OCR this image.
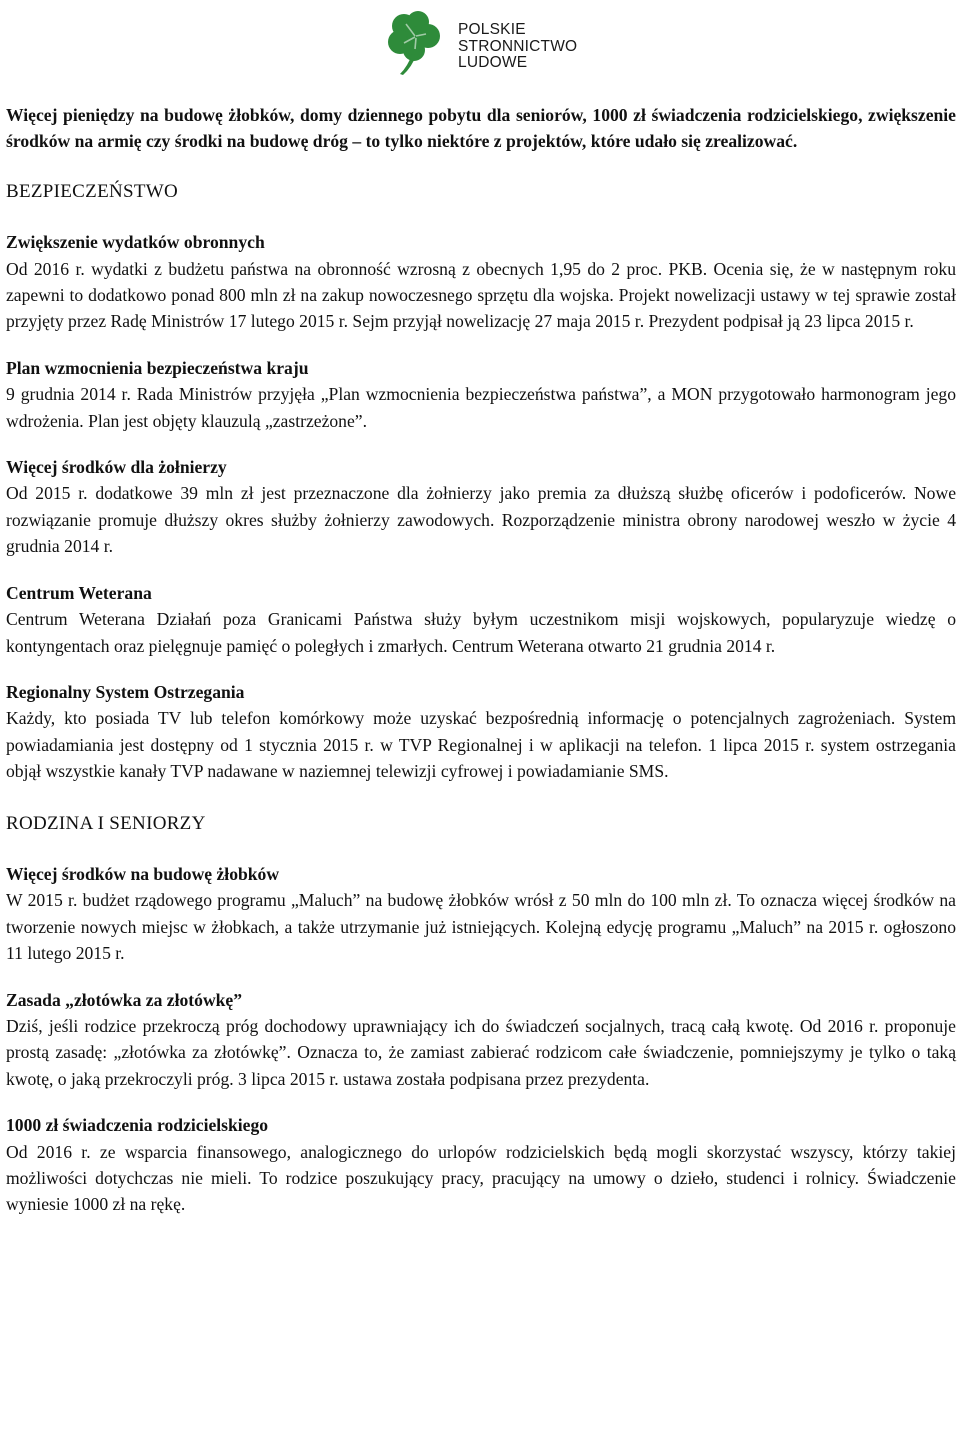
POLSKIE
STRONNICTWO
LUDOWE

Więcej pieniędzy na budowę żłobków, domy dziennego pobytu dla seniorów, 1000 zł świadczenia rodzicielskiego, zwiększenie środków na armię czy środki na budowę dróg – to tylko niektóre z projektów, które udało się zrealizować.

BEZPIECZEŃSTWO

Zwiększenie wydatków obronnych

Od 2016 r. wydatki z budżetu państwa na obronność wzrosną z obecnych 1,95 do 2 proc. PKB. Ocenia się, że w następnym roku zapewni to dodatkowo ponad 800 mln zł na zakup nowoczesnego sprzętu dla wojska. Projekt nowelizacji ustawy w tej sprawie został przyjęty przez Radę Ministrów 17 lutego 2015 r. Sejm przyjął nowelizację 27 maja 2015 r. Prezydent podpisał ją 23 lipca 2015 r.

Plan wzmocnienia bezpieczeństwa kraju

9 grudnia 2014 r. Rada Ministrów przyjęła „Plan wzmocnienia bezpieczeństwa państwa”, a MON przygotowało harmonogram jego wdrożenia. Plan jest objęty klauzulą „zastrzeżone”.

Więcej środków dla żołnierzy

Od 2015 r. dodatkowe 39 mln zł jest przeznaczone dla żołnierzy jako premia za dłuższą służbę oficerów i podoficerów. Nowe rozwiązanie promuje dłuższy okres służby żołnierzy zawodowych. Rozporządzenie ministra obrony narodowej weszło w życie 4 grudnia 2014 r.

Centrum Weterana

Centrum Weterana Działań poza Granicami Państwa służy byłym uczestnikom misji wojskowych, popularyzuje wiedzę o kontyngentach oraz pielęgnuje pamięć o poległych i zmarłych. Centrum Weterana otwarto 21 grudnia 2014 r.

Regionalny System Ostrzegania

Każdy, kto posiada TV lub telefon komórkowy może uzyskać bezpośrednią informację o potencjalnych zagrożeniach. System powiadamiania jest dostępny od 1 stycznia 2015 r. w TVP Regionalnej i w aplikacji na telefon. 1 lipca 2015 r. system ostrzegania objął wszystkie kanały TVP nadawane w naziemnej telewizji cyfrowej i powiadamianie SMS.

RODZINA I SENIORZY

Więcej środków na budowę żłobków

W 2015 r. budżet rządowego programu „Maluch” na budowę żłobków wrósł z 50 mln do 100 mln zł. To oznacza więcej środków na tworzenie nowych miejsc w żłobkach, a także utrzymanie już istniejących. Kolejną edycję programu „Maluch” na 2015 r. ogłoszono 11 lutego 2015 r.

Zasada „złotówka za złotówkę”

Dziś, jeśli rodzice przekroczą próg dochodowy uprawniający ich do świadczeń socjalnych, tracą całą kwotę. Od 2016 r. proponuje prostą zasadę: „złotówka za złotówkę”. Oznacza to, że zamiast zabierać rodzicom całe świadczenie, pomniejszymy je tylko o taką kwotę, o jaką przekroczyli próg. 3 lipca 2015 r. ustawa została podpisana przez prezydenta.

1000 zł świadczenia rodzicielskiego

Od 2016 r. ze wsparcia finansowego, analogicznego do urlopów rodzicielskich będą mogli skorzystać wszyscy, którzy takiej możliwości dotychczas nie mieli. To rodzice poszukujący pracy, pracujący na umowy o dzieło, studenci i rolnicy. Świadczenie wyniesie 1000 zł na rękę.
